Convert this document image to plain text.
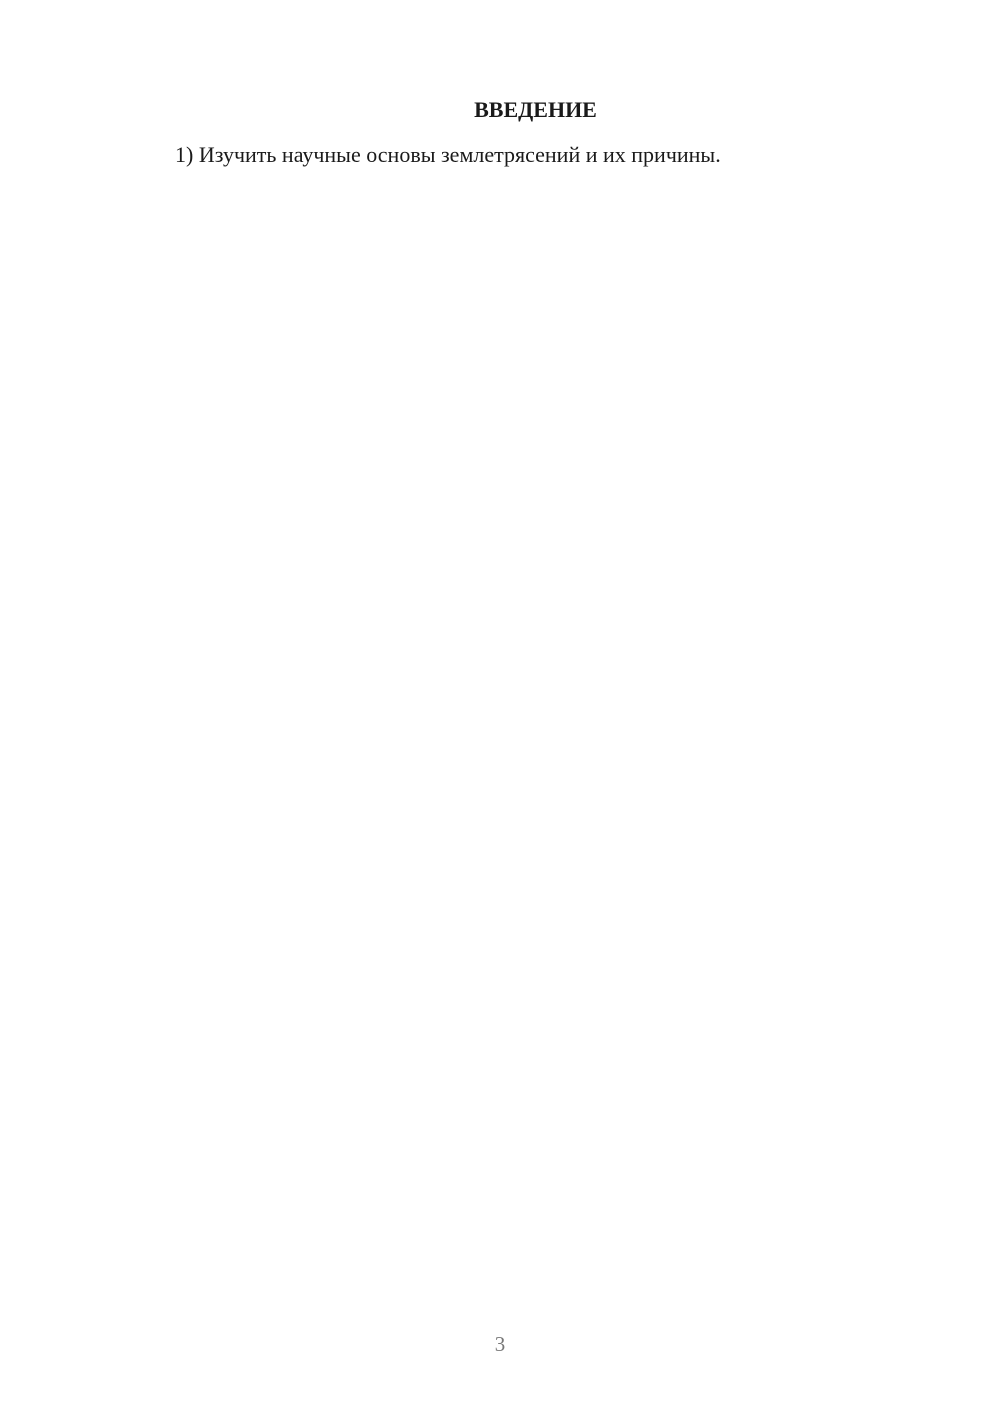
ВВЕДЕНИЕ

1) Изучить научные основы землетрясений и их причины.

3
